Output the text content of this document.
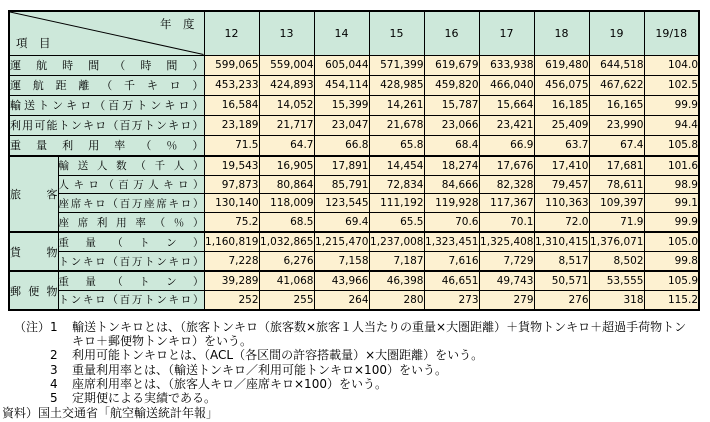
年　度
項　目		12	13	14	15	16	17	18	19	19/18
運航時間（時間）		599,065	559,004	605,044	571,399	619,679	633,938	619,480	644,518	104.0
運航距離（千キロ）		453,233	424,893	454,114	428,985	459,820	466,040	456,075	467,622	102.5
輸送トンキロ（百万トンキロ）		16,584	14,052	15,399	14,261	15,787	15,664	16,185	16,165	99.9
利用可能トンキロ（百万トンキロ）		23,189	21,717	23,047	21,678	23,066	23,421	25,409	23,990	94.4
重量利用率（％）		71.5	64.7	66.8	65.8	68.4	66.9	63.7	67.4	105.8
旅客	輸送人数（千人）	19,543	16,905	17,891	14,454	18,274	17,676	17,410	17,681	101.6
	人キロ（百万人キロ）	97,873	80,864	85,791	72,834	84,666	82,328	79,457	78,611	98.9
	座席キロ（百万座席キロ）	130,140	118,009	123,545	111,192	119,928	117,367	110,363	109,397	99.1
	座席利用率（％）	75.2	68.5	69.4	65.5	70.6	70.1	72.0	71.9	99.9
貨物	重量（トン）	1,160,819	1,032,865	1,215,470	1,237,008	1,323,451	1,325,408	1,310,415	1,376,071	105.0
	トンキロ（百万トンキロ）	7,228	6,276	7,158	7,187	7,616	7,729	8,517	8,502	99.8
郵便物	重量（トン）	39,289	41,068	43,966	46,398	46,651	49,743	50,571	53,555	105.9
	トンキロ（百万トンキロ）	252	255	264	280	273	279	276	318	115.2
（注） 1	輸送トンキロとは、（旅客トンキロ（旅客数×旅客１人当たりの重量×大圏距離）＋貨物トンキロ＋超過手荷物トン
キロ＋郵便物トンキロ）をいう。
2	利用可能トンキロとは、（ACL（各区間の許容搭載量）×大圏距離）をいう。
3	重量利用率とは、（輸送トンキロ／利用可能トンキロ×100）をいう。
4	座席利用率とは、（旅客人キロ／座席キロ×100）をいう。
5	定期便による実績である。
資料）国土交通省「航空輸送統計年報」
